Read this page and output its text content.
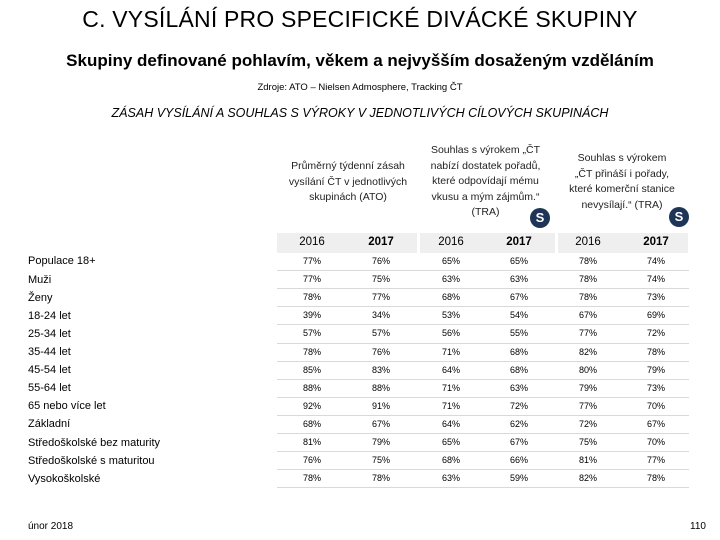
C. VYSÍLÁNÍ PRO SPECIFICKÉ DIVÁCKÉ SKUPINY
Skupiny definované pohlavím, věkem a nejvyšším dosaženým vzděláním
Zdroje: ATO – Nielsen Admosphere, Tracking ČT
ZÁSAH VYSÍLÁNÍ A SOUHLAS S VÝROKY V JEDNOTLIVÝCH CÍLOVÝCH SKUPINÁCH
Průměrný týdenní zásah
vysílání ČT v jednotlivých
skupinách (ATO)
Souhlas s výrokem „ČT
nabízí dostatek pořadů,
které odpovídají mému
vkusu a mým zájmům.“
(TRA)
Souhlas s výrokem
„ČT přináší i pořady,
které komerční stanice
nevysílají.“ (TRA)
S	S
2016	2017	2016	2017	2016	2017
Populace 18+	77%	76%	65%	65%	78%	74%
Muži	77%	75%	63%	63%	78%	74%
Ženy	78%	77%	68%	67%	78%	73%
18-24 let	39%	34%	53%	54%	67%	69%
25-34 let	57%	57%	56%	55%	77%	72%
35-44 let	78%	76%	71%	68%	82%	78%
45-54 let	85%	83%	64%	68%	80%	79%
55-64 let	88%	88%	71%	63%	79%	73%
65 nebo více let	92%	91%	71%	72%	77%	70%
Základní	68%	67%	64%	62%	72%	67%
Středoškolské bez maturity	81%	79%	65%	67%	75%	70%
Středoškolské s maturitou	76%	75%	68%	66%	81%	77%
Vysokoškolské	78%	78%	63%	59%	82%	78%
únor 2018	110
